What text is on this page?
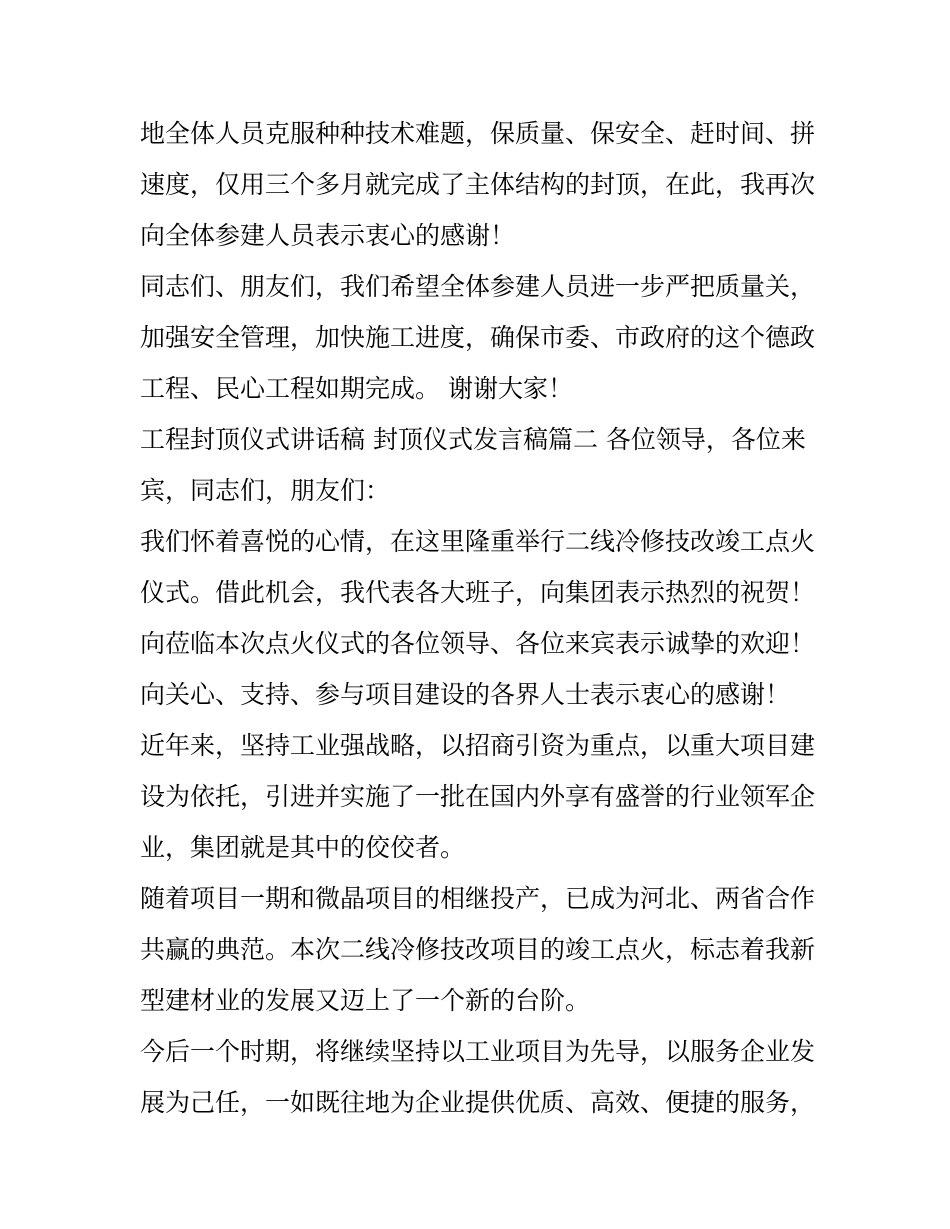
地全体人员克服种种技术难题，保质量、保安全、赶时间、拼
速度，仅用三个多月就完成了主体结构的封顶，在此，我再次
向全体参建人员表示衷心的感谢！
同志们、朋友们，我们希望全体参建人员进一步严把质量关，
加强安全管理，加快施工进度，确保市委、市政府的这个德政
工程、民心工程如期完成。 谢谢大家！
工程封顶仪式讲话稿 封顶仪式发言稿篇二 各位领导，各位来
宾，同志们，朋友们：
我们怀着喜悦的心情，在这里隆重举行二线冷修技改竣工点火
仪式。借此机会，我代表各大班子，向集团表示热烈的祝贺！
向莅临本次点火仪式的各位领导、各位来宾表示诚挚的欢迎！
向关心、支持、参与项目建设的各界人士表示衷心的感谢！
近年来，坚持工业强战略，以招商引资为重点，以重大项目建
设为依托，引进并实施了一批在国内外享有盛誉的行业领军企
业，集团就是其中的佼佼者。
随着项目一期和微晶项目的相继投产，已成为河北、两省合作
共赢的典范。本次二线冷修技改项目的竣工点火，标志着我新
型建材业的发展又迈上了一个新的台阶。
今后一个时期，将继续坚持以工业项目为先导，以服务企业发
展为己任，一如既往地为企业提供优质、高效、便捷的服务，
